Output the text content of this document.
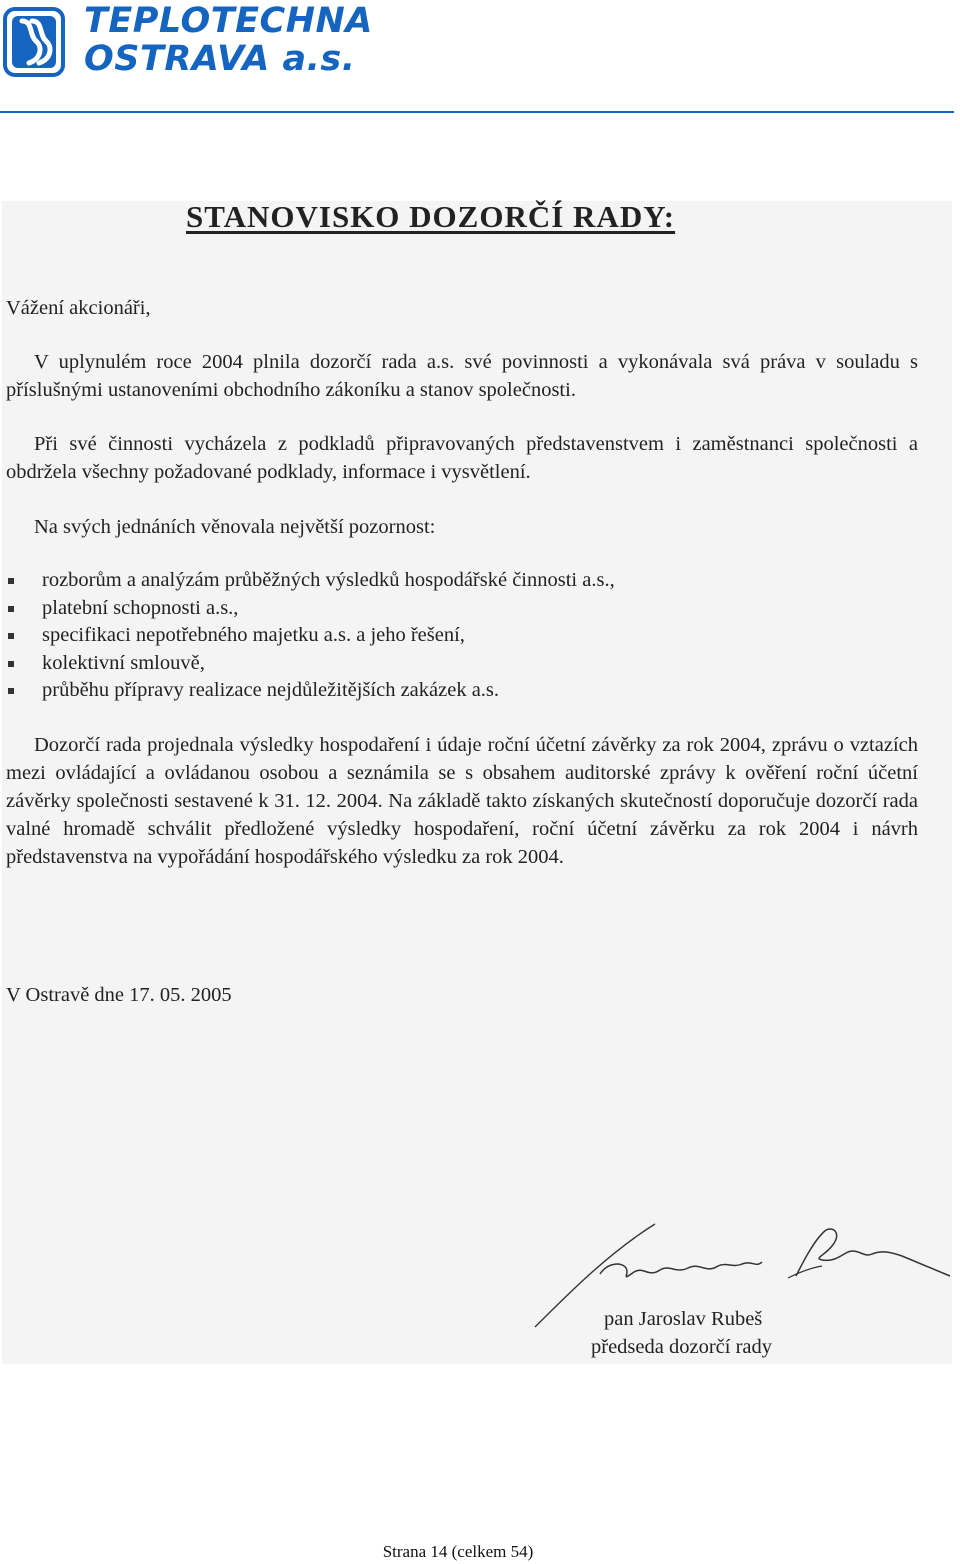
TEPLOTECHNA
OSTRAVA a.s.
STANOVISKO DOZORČÍ RADY:
Vážení akcionáři,
V uplynulém roce 2004 plnila dozorčí rada a.s. své povinnosti a vykonávala svá práva v souladu s příslušnými ustanoveními obchodního zákoníku a stanov společnosti.
Při své činnosti vycházela z podkladů připravovaných představenstvem i zaměstnanci společnosti a obdržela všechny požadované podklady, informace i vysvětlení.
Na svých jednáních věnovala největší pozornost:
rozborům a analýzám průběžných výsledků hospodářské činnosti a.s.,
platební schopnosti a.s.,
specifikaci nepotřebného majetku a.s. a jeho řešení,
kolektivní smlouvě,
průběhu přípravy realizace nejdůležitějších zakázek a.s.
Dozorčí rada projednala výsledky hospodaření i údaje roční účetní závěrky za rok 2004, zprávu o vztazích mezi ovládající a ovládanou osobou a seznámila se s obsahem auditorské zprávy k ověření roční účetní závěrky společnosti sestavené k 31. 12. 2004. Na základě takto získaných skutečností doporučuje dozorčí rada valné hromadě schválit předložené výsledky hospodaření, roční účetní závěrku za rok 2004 i návrh představenstva na vypořádání hospodářského výsledku za rok 2004.
V Ostravě dne 17. 05. 2005
pan Jaroslav Rubeš
předseda dozorčí rady
Strana 14 (celkem 54)
